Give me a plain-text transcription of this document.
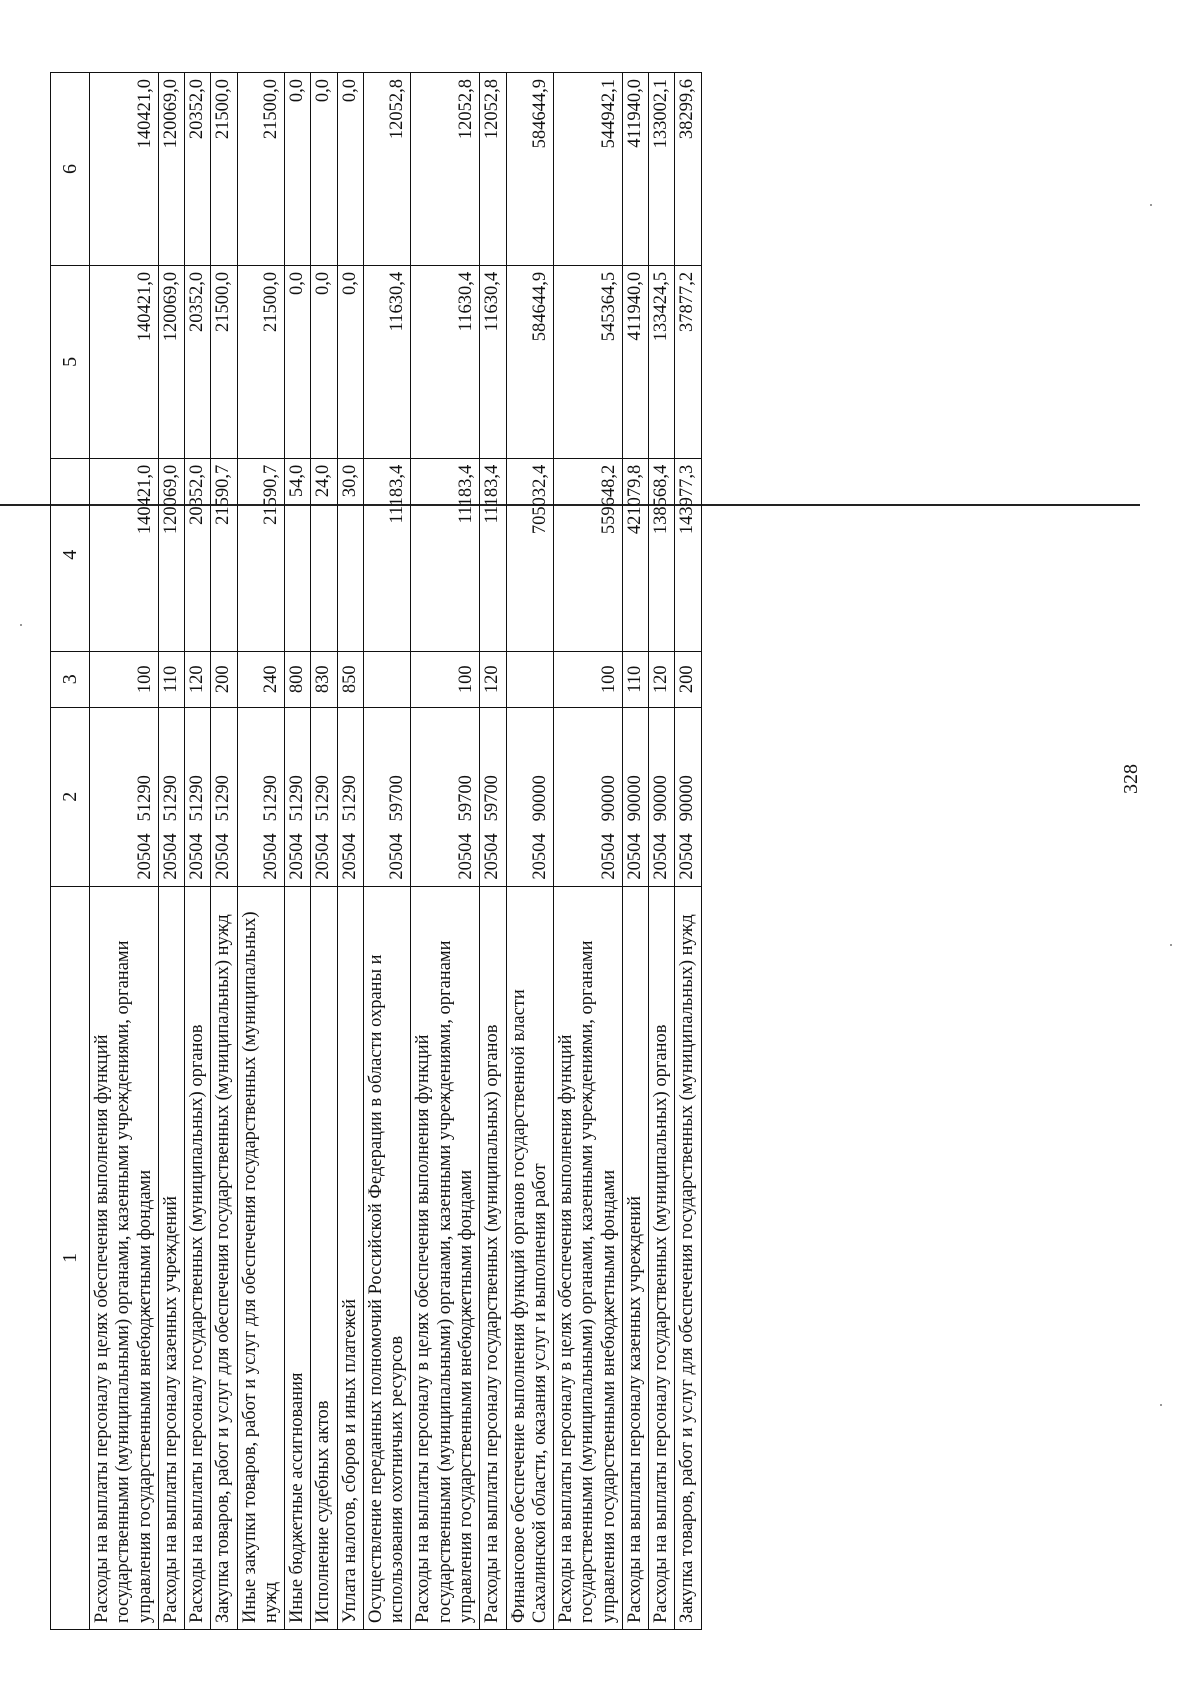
328
1	2	3	4	5	6
Расходы на выплаты персоналу в целях обеспечения выполнения функций государственными (муниципальными) органами, казенными учреждениями, органами управления государственными внебюджетными фондами	2050451290	100	140421,0	140421,0	140421,0
Расходы на выплаты персоналу казенных учреждений	2050451290	110	120069,0	120069,0	120069,0
Расходы на выплаты персоналу государственных (муниципальных) органов	2050451290	120	20352,0	20352,0	20352,0
Закупка товаров, работ и услуг для обеспечения государственных (муниципальных) нужд	2050451290	200	21590,7	21500,0	21500,0
Иные закупки товаров, работ и услуг для обеспечения государственных (муниципальных) нужд	2050451290	240	21590,7	21500,0	21500,0
Иные бюджетные ассигнования	2050451290	800	54,0	0,0	0,0
Исполнение судебных актов	2050451290	830	24,0	0,0	0,0
Уплата налогов, сборов и иных платежей	2050451290	850	30,0	0,0	0,0
Осуществление переданных полномочий Российской Федерации в области охраны и использования охотничьих ресурсов	2050459700		11183,4	11630,4	12052,8
Расходы на выплаты персоналу в целях обеспечения выполнения функций государственными (муниципальными) органами, казенными учреждениями, органами управления государственными внебюджетными фондами	2050459700	100	11183,4	11630,4	12052,8
Расходы на выплаты персоналу государственных (муниципальных) органов	2050459700	120	11183,4	11630,4	12052,8
Финансовое обеспечение выполнения функций органов государственной власти Сахалинской области, оказания услуг и выполнения работ	2050490000		705032,4	584644,9	584644,9
Расходы на выплаты персоналу в целях обеспечения выполнения функций государственными (муниципальными) органами, казенными учреждениями, органами управления государственными внебюджетными фондами	2050490000	100	559648,2	545364,5	544942,1
Расходы на выплаты персоналу казенных учреждений	2050490000	110	421079,8	411940,0	411940,0
Расходы на выплаты персоналу государственных (муниципальных) органов	2050490000	120	138568,4	133424,5	133002,1
Закупка товаров, работ и услуг для обеспечения государственных (муниципальных) нужд	2050490000	200	143977,3	37877,2	38299,6
